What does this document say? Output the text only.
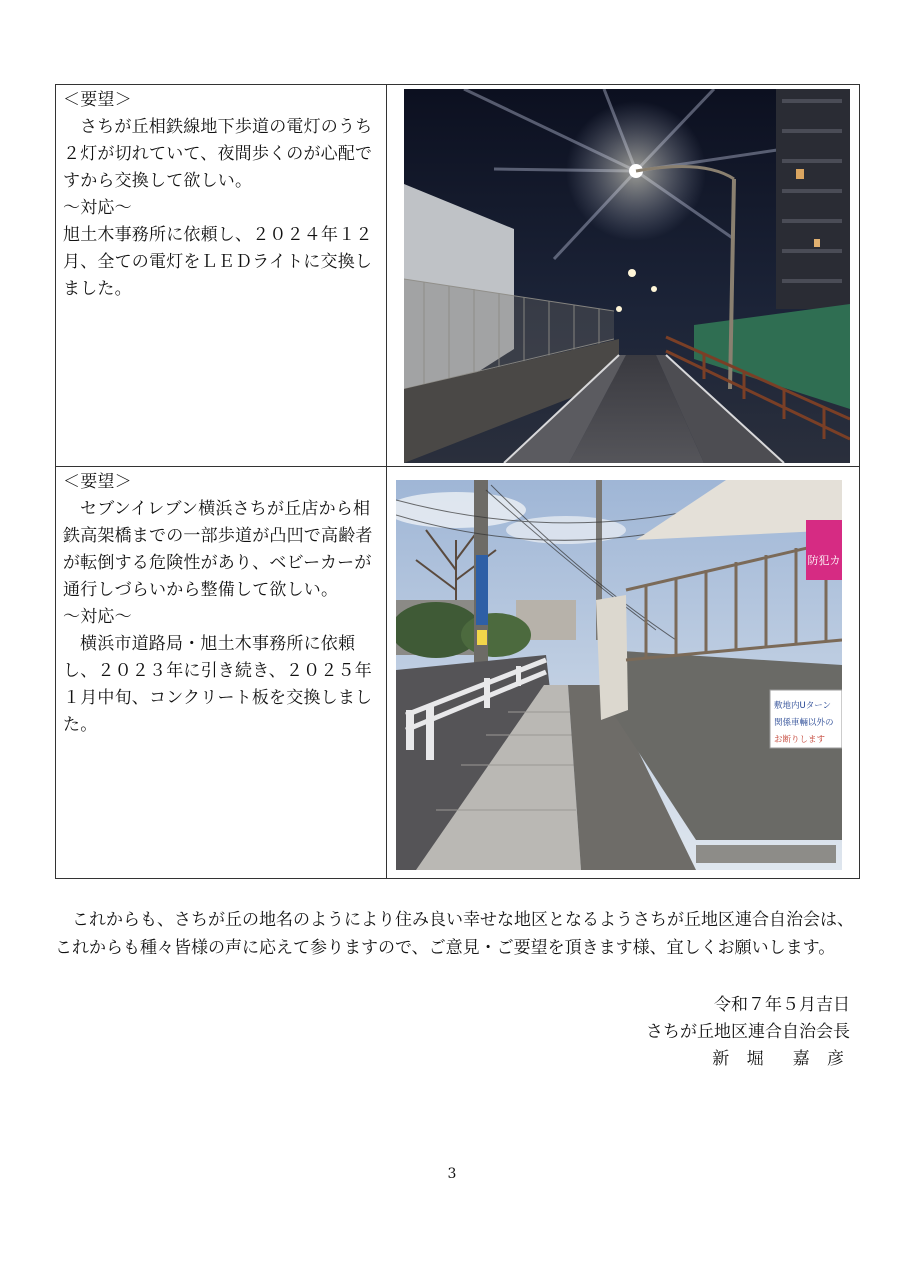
＜要望＞

さちが丘相鉄線地下歩道の電灯のうち２灯が切れていて、夜間歩くのが心配ですから交換して欲しい。

～対応～

旭土木事務所に依頼し、２０２４年１２月、全ての電灯をＬＥＤライトに交換しました。

＜要望＞

セブンイレブン横浜さちが丘店から相鉄高架橋までの一部歩道が凸凹で高齢者が転倒する危険性があり、ベビーカーが通行しづらいから整備して欲しい。

～対応～

横浜市道路局・旭土木事務所に依頼し、２０２３年に引き続き、２０２５年１月中旬、コンクリート板を交換しました。

防犯カ
敷地内Uターン
関係車輛以外の
お断りします

これからも、さちが丘の地名のようにより住み良い幸せな地区となるようさちが丘地区連合自治会は、これからも種々皆様の声に応えて参りますので、ご意見・ご要望を頂きます様、宜しくお願いします。

令和７年５月吉日

さちが丘地区連合自治会長

新 堀　嘉 彦

3
